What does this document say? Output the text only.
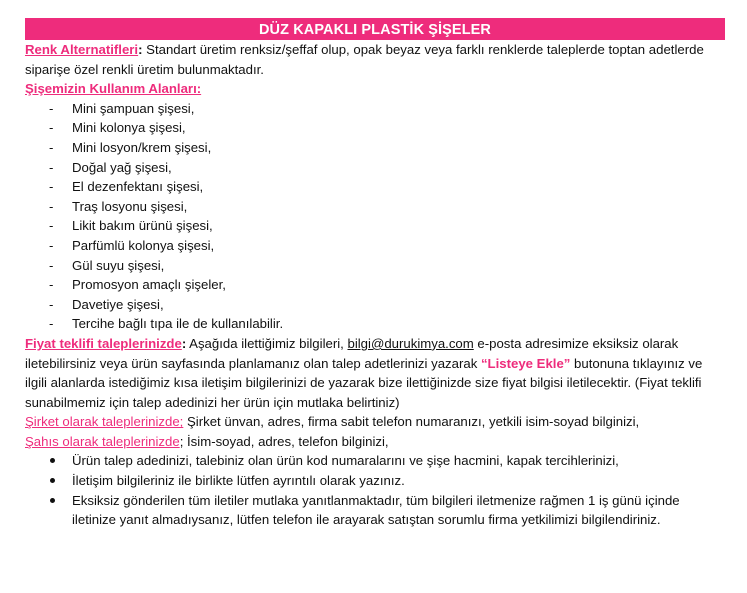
DÜZ KAPAKLI PLASTİK ŞİŞELER

Renk Alternatifleri: Standart üretim renksiz/şeffaf olup, opak beyaz veya farklı renklerde taleplerde toptan adetlerde siparişe özel renkli üretim bulunmaktadır.

Şişemizin Kullanım Alanları:

- Mini şampuan şişesi,
- Mini kolonya şişesi,
- Mini losyon/krem şişesi,
- Doğal yağ şişesi,
- El dezenfektanı şişesi,
- Traş losyonu şişesi,
- Likit bakım ürünü şişesi,
- Parfümlü kolonya şişesi,
- Gül suyu şişesi,
- Promosyon amaçlı şişeler,
- Davetiye şişesi,
- Tercihe bağlı tıpa ile de kullanılabilir.

Fiyat teklifi taleplerinizde: Aşağıda ilettiğimiz bilgileri, bilgi@durukimya.com e-posta adresimize eksiksiz olarak iletebilirsiniz veya ürün sayfasında planlamanız olan talep adetlerinizi yazarak “Listeye Ekle” butonuna tıklayınız ve ilgili alanlarda istediğimiz kısa iletişim bilgilerinizi de yazarak bize ilettiğinizde size fiyat bilgisi iletilecektir. (Fiyat teklifi sunabilmemiz için talep adedinizi her ürün için mutlaka belirtiniz)

Şirket olarak taleplerinizde; Şirket ünvan, adres, firma sabit telefon numaranızı, yetkili isim-soyad bilginizi,

Şahıs olarak taleplerinizde; İsim-soyad, adres, telefon bilginizi,

Ürün talep adedinizi, talebiniz olan ürün kod numaralarını ve şişe hacmini, kapak tercihlerinizi,
İletişim bilgileriniz ile birlikte lütfen ayrıntılı olarak yazınız.
Eksiksiz gönderilen tüm iletiler mutlaka yanıtlanmaktadır, tüm bilgileri iletmenize rağmen 1 iş günü içinde iletinize yanıt almadıysanız, lütfen telefon ile arayarak satıştan sorumlu firma yetkilimizi bilgilendiriniz.
